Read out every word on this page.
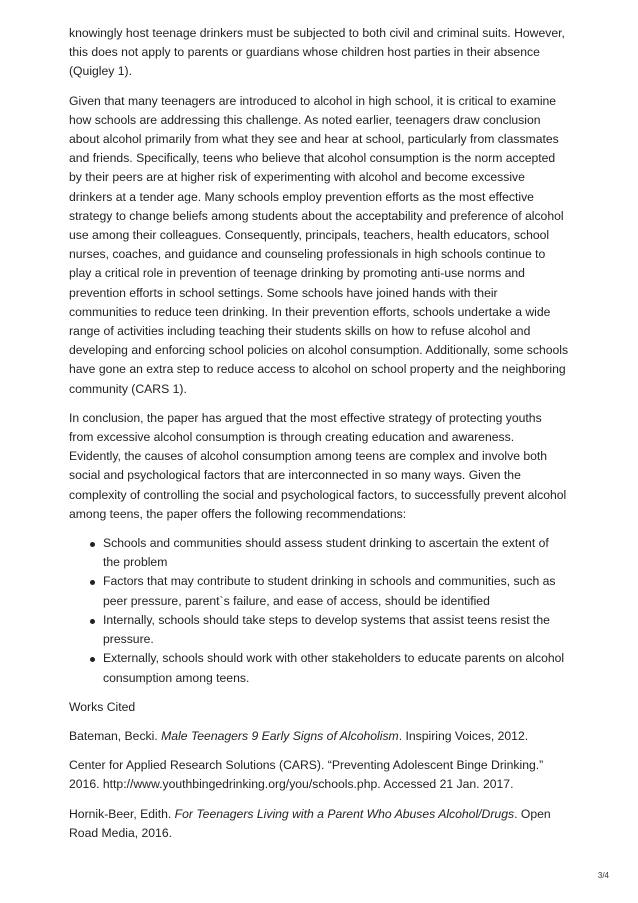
knowingly host teenage drinkers must be subjected to both civil and criminal suits. However, this does not apply to parents or guardians whose children host parties in their absence (Quigley 1).

Given that many teenagers are introduced to alcohol in high school, it is critical to examine how schools are addressing this challenge. As noted earlier, teenagers draw conclusion about alcohol primarily from what they see and hear at school, particularly from classmates and friends. Specifically, teens who believe that alcohol consumption is the norm accepted by their peers are at higher risk of experimenting with alcohol and become excessive drinkers at a tender age. Many schools employ prevention efforts as the most effective strategy to change beliefs among students about the acceptability and preference of alcohol use among their colleagues. Consequently, principals, teachers, health educators, school nurses, coaches, and guidance and counseling professionals in high schools continue to play a critical role in prevention of teenage drinking by promoting anti-use norms and prevention efforts in school settings. Some schools have joined hands with their communities to reduce teen drinking. In their prevention efforts, schools undertake a wide range of activities including teaching their students skills on how to refuse alcohol and developing and enforcing school policies on alcohol consumption. Additionally, some schools have gone an extra step to reduce access to alcohol on school property and the neighboring community (CARS 1).

In conclusion, the paper has argued that the most effective strategy of protecting youths from excessive alcohol consumption is through creating education and awareness. Evidently, the causes of alcohol consumption among teens are complex and involve both social and psychological factors that are interconnected in so many ways. Given the complexity of controlling the social and psychological factors, to successfully prevent alcohol among teens, the paper offers the following recommendations:

Schools and communities should assess student drinking to ascertain the extent of the problem
Factors that may contribute to student drinking in schools and communities, such as peer pressure, parent`s failure, and ease of access, should be identified
Internally, schools should take steps to develop systems that assist teens resist the pressure.
Externally, schools should work with other stakeholders to educate parents on alcohol consumption among teens.

Works Cited

Bateman, Becki. Male Teenagers 9 Early Signs of Alcoholism. Inspiring Voices, 2012.

Center for Applied Research Solutions (CARS). “Preventing Adolescent Binge Drinking.” 2016. http://www.youthbingedrinking.org/you/schools.php. Accessed 21 Jan. 2017.

Hornik-Beer, Edith. For Teenagers Living with a Parent Who Abuses Alcohol/Drugs. Open Road Media, 2016.

3/4
